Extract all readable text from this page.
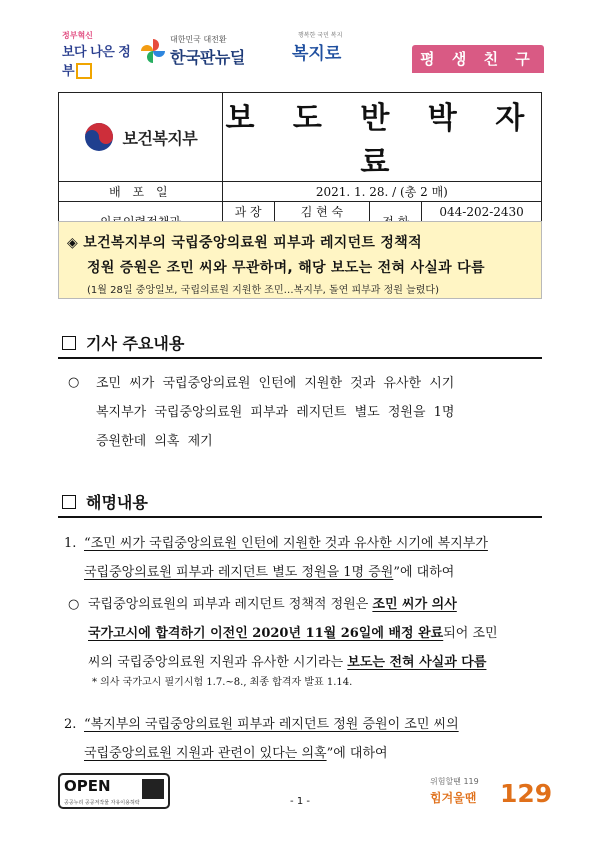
정부혁신
보다 나은 정부
대한민국 대전환
한국판뉴딜
행복한 국민 복지
복지로	평 생 친 구
보건복지부	보 도 반 박 자 료			
배 포 일	2021. 1. 28. / (총 2 매)			
	과 장	김 현 숙		044-202-2430

◈ 보건복지부의 국립중앙의료원 피부과 레지던트 정책적
정원 증원은 조민 씨와 무관하며, 해당 보도는 전혀 사실과 다름
(1월 28일 중앙일보, 국립의료원 지원한 조민…복지부, 돌연 피부과 정원 늘렸다)
기사 주요내용
○ 조민 씨가 국립중앙의료원 인턴에 지원한 것과 유사한 시기
복지부가 국립중앙의료원 피부과 레지던트 별도 정원을 1명
증원한데 의혹 제기
해명내용
1. “조민 씨가 국립중앙의료원 인턴에 지원한 것과 유사한 시기에 복지부가
국립중앙의료원 피부과 레지던트 별도 정원을 1명 증원”에 대하여
○ 국립중앙의료원의 피부과 레지던트 정책적 정원은 조민 씨가 의사
국가고시에 합격하기 이전인 2020년 11월 26일에 배정 완료되어 조민
씨의 국립중앙의료원 지원과 유사한 시기라는 보도는 전혀 사실과 다름
* 의사 국가고시 필기시험 1.7.~8., 최종 합격자 발표 1.14.
2. “복지부의 국립중앙의료원 피부과 레지던트 정원 증원이 조민 씨의
국립중앙의료원 지원과 관련이 있다는 의혹”에 대하여
OPEN
공공누리 공공저작물 자유이용허락	- 1 -
위험할땐 119
힘겨울땐 129
